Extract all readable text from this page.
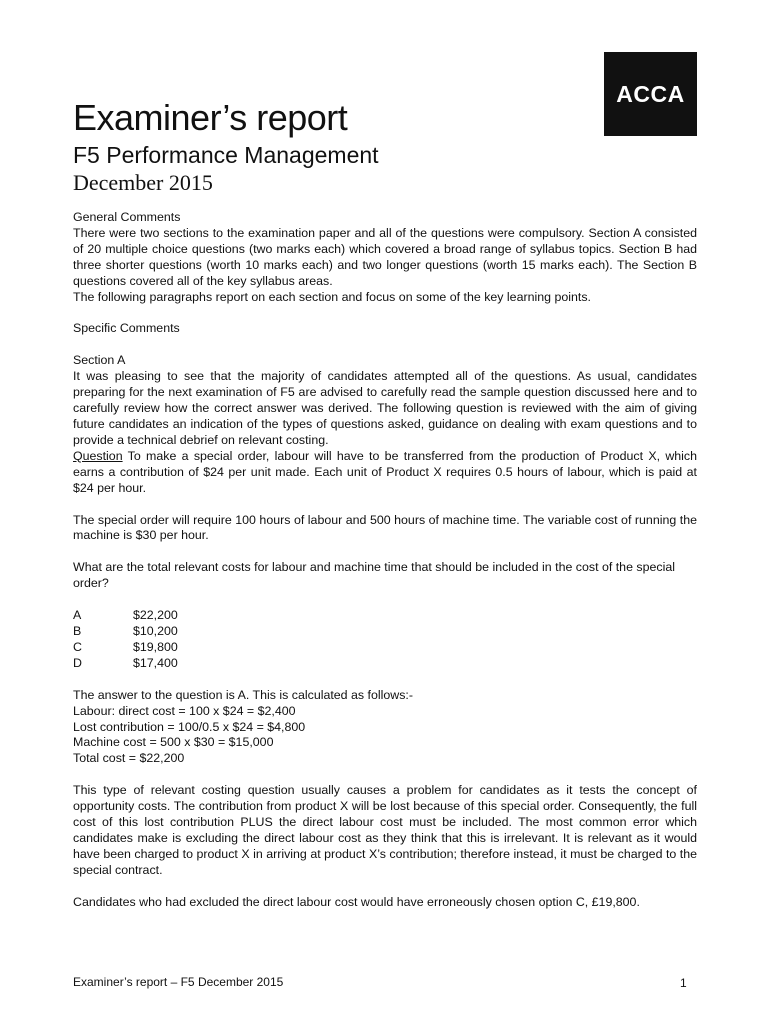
ACCA
Examiner’s report
F5 Performance Management
December 2015

General Comments

There were two sections to the examination paper and all of the questions were compulsory. Section A consisted of 20 multiple choice questions (two marks each) which covered a broad range of syllabus topics. Section B had three shorter questions (worth 10 marks each) and two longer questions (worth 15 marks each). The Section B questions covered all of the key syllabus areas.

The following paragraphs report on each section and focus on some of the key learning points.

Specific Comments

Section A

It was pleasing to see that the majority of candidates attempted all of the questions. As usual, candidates preparing for the next examination of F5 are advised to carefully read the sample question discussed here and to carefully review how the correct answer was derived. The following question is reviewed with the aim of giving future candidates an indication of the types of questions asked, guidance on dealing with exam questions and to provide a technical debrief on relevant costing.

Question To make a special order, labour will have to be transferred from the production of Product X, which earns a contribution of $24 per unit made. Each unit of Product X requires 0.5 hours of labour, which is paid at $24 per hour.

The special order will require 100 hours of labour and 500 hours of machine time. The variable cost of running the machine is $30 per hour.

What are the total relevant costs for labour and machine time that should be included in the cost of the special order?

A	$22,200
B	$10,200
C	$19,800
D	$17,400

The answer to the question is A. This is calculated as follows:-

Labour: direct cost = 100 x $24 = $2,400

Lost contribution = 100/0.5 x $24 = $4,800

Machine cost = 500 x $30 = $15,000

Total cost = $22,200

This type of relevant costing question usually causes a problem for candidates as it tests the concept of opportunity costs. The contribution from product X will be lost because of this special order. Consequently, the full cost of this lost contribution PLUS the direct labour cost must be included. The most common error which candidates make is excluding the direct labour cost as they think that this is irrelevant. It is relevant as it would have been charged to product X in arriving at product X’s contribution; therefore instead, it must be charged to the special contract.

Candidates who had excluded the direct labour cost would have erroneously chosen option C, £19,800.

Examiner’s report – F5 December 2015	1
